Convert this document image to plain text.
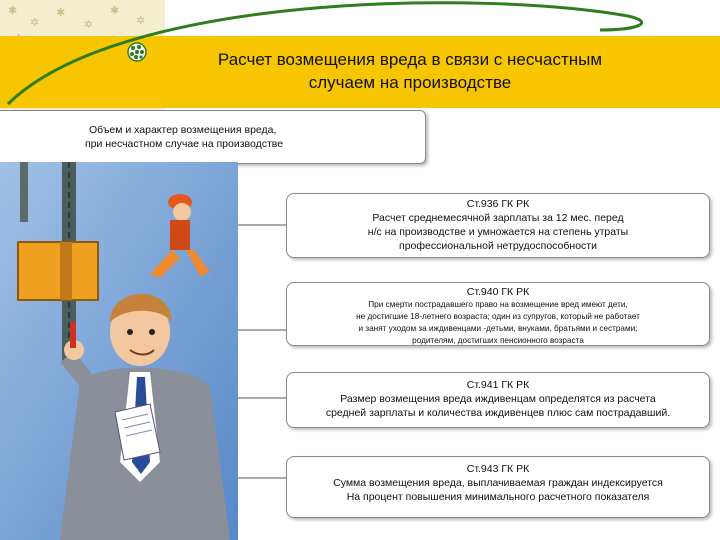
✱
✲
✱
✲
✱
✲
Расчет возмещения вреда в связи с несчастным
случаем на производстве
Объем и характер возмещения вреда,
при несчастном случае на производстве
Ст.936 ГК РК
Расчет среднемесячной зарплаты за 12 мес. перед
н/с на производстве и умножается на степень утраты
профессиональной нетрудоспособности
Ст.940 ГК РК
При смерти пострадавшего право на возмещение вред имеют дети,
не достигшие 18-летнего возраста; один из супругов, который не работает
и занят уходом за иждивенцами -детьми, внуками, братьями и сестрами;
родителям, достигших пенсионного возраста
Ст.941 ГК РК
Размер возмещения вреда иждивенцам определятся из расчета
средней зарплаты и количества иждивенцев плюс сам пострадавший.
Ст.943 ГК РК
Сумма возмещения вреда, выплачиваемая граждан индексируется
На процент повышения минимального расчетного показателя
